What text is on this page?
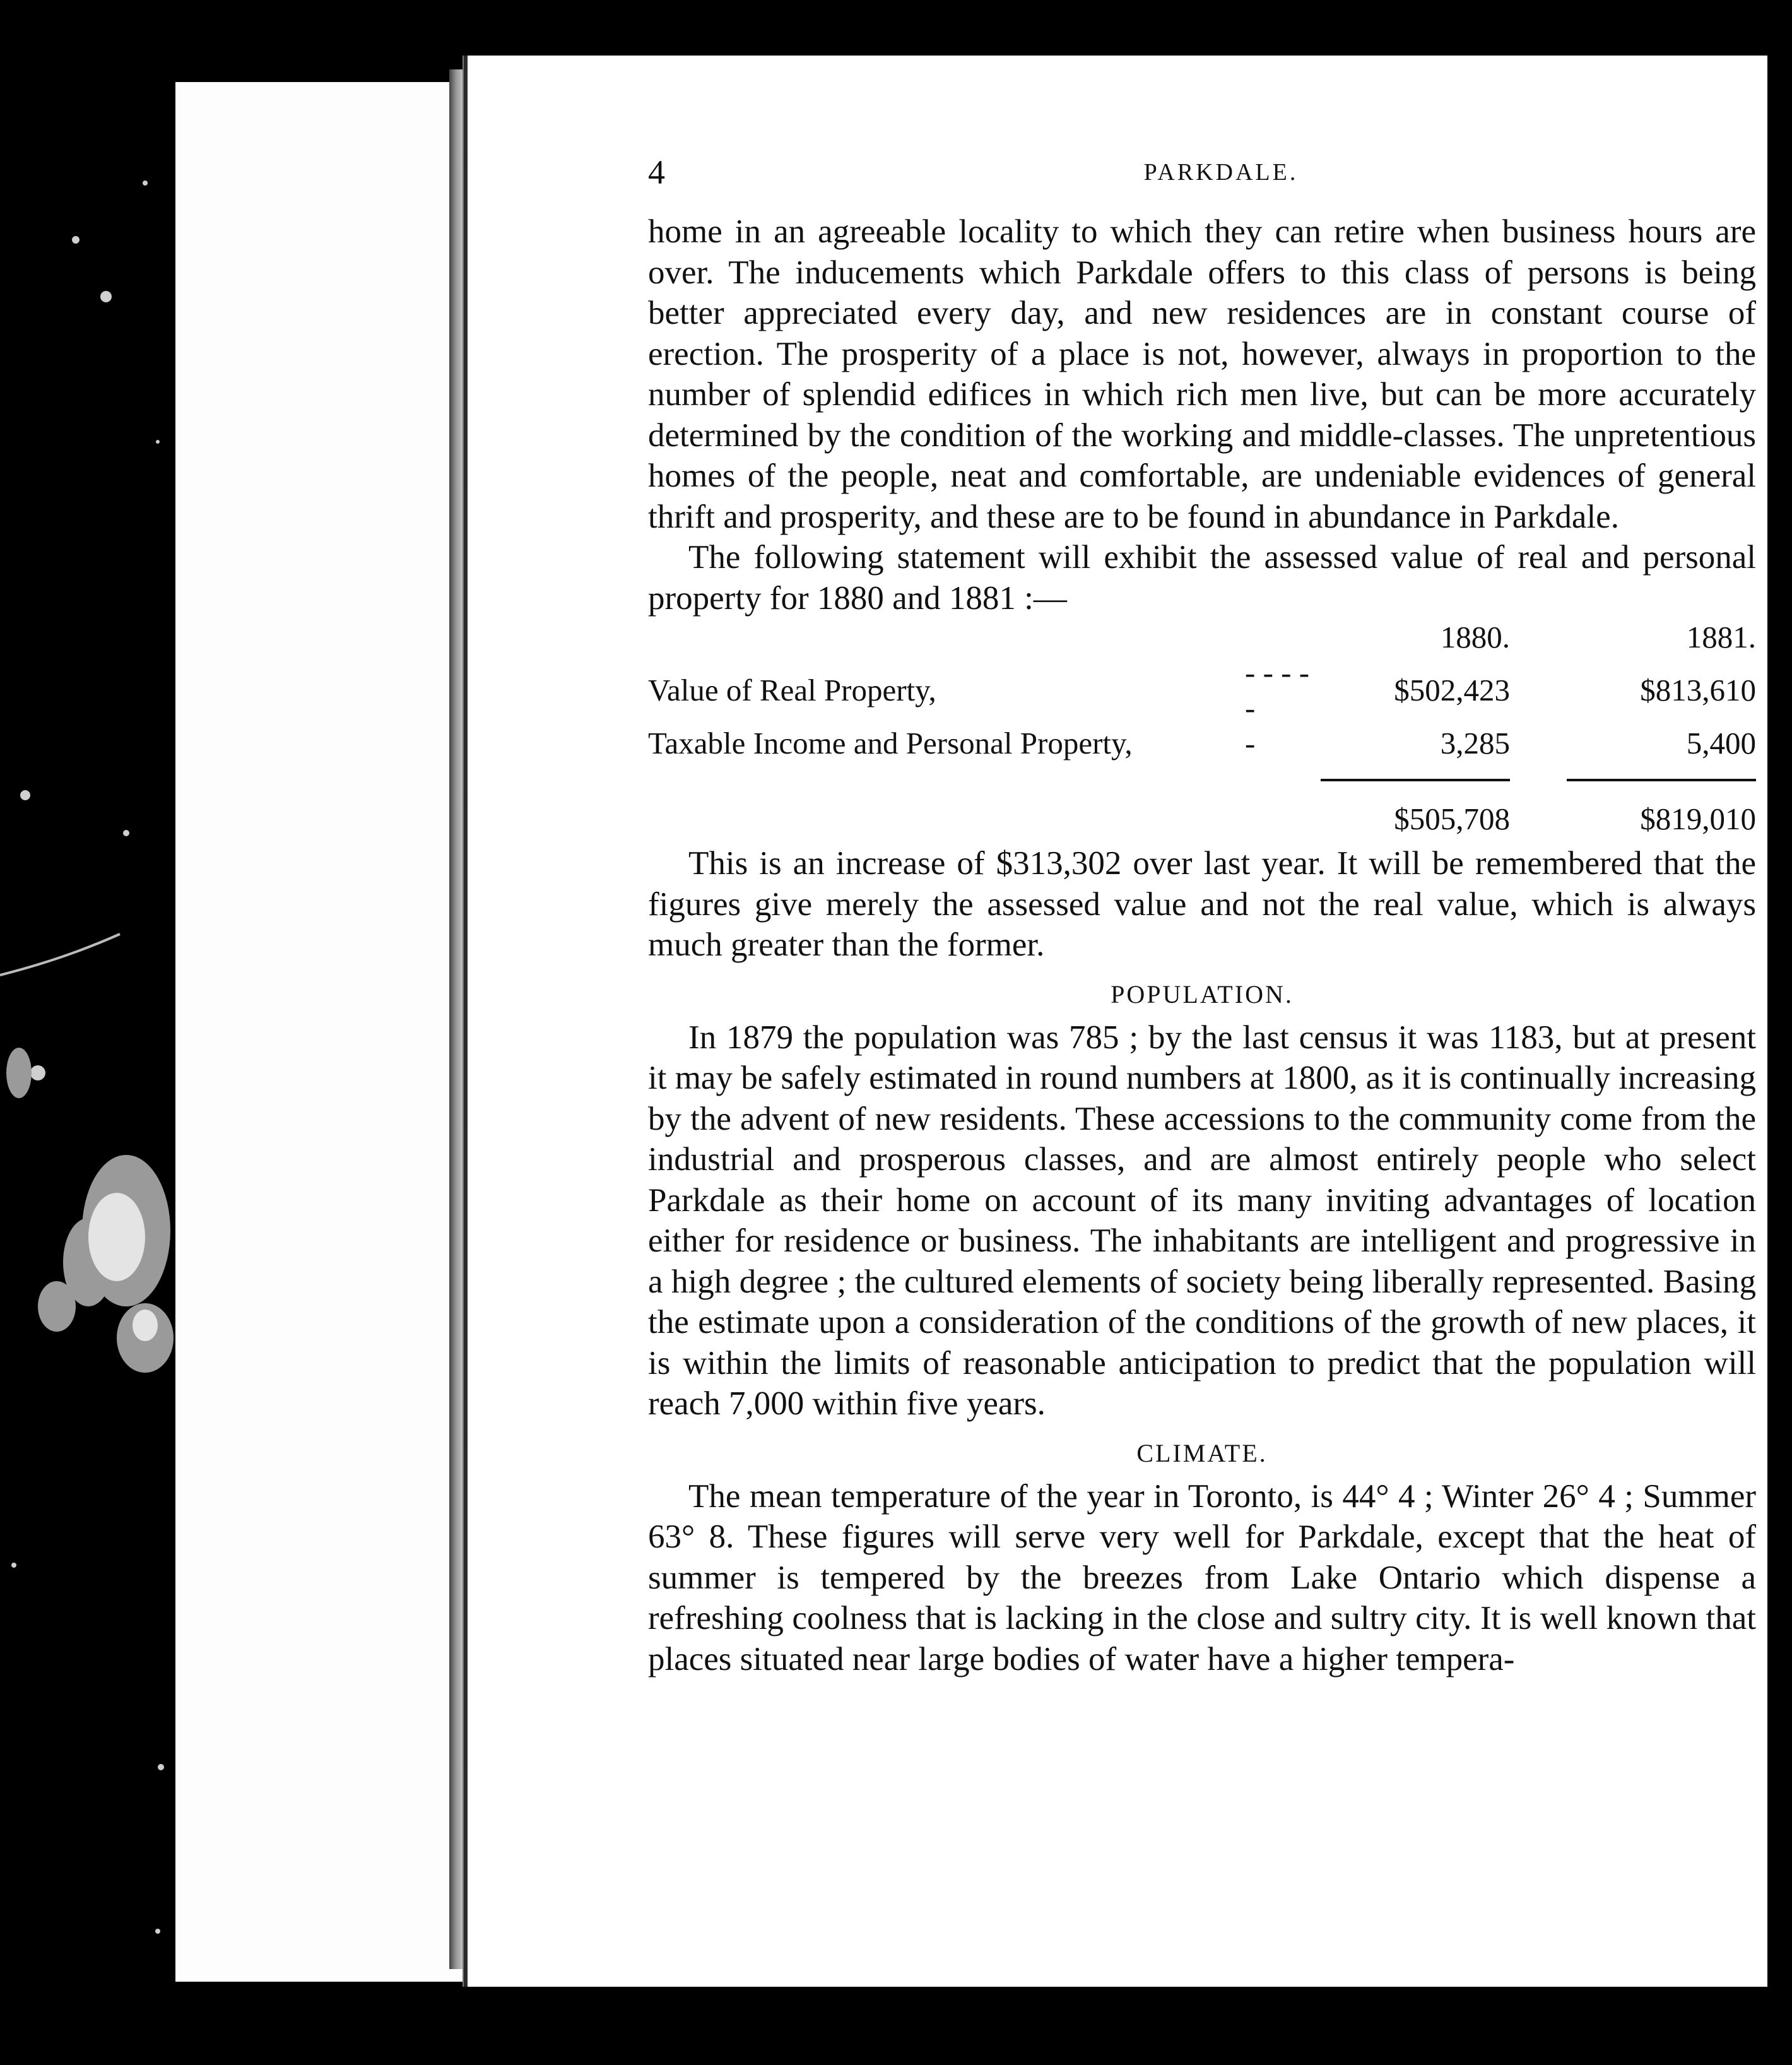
4	PARKDALE.

home in an agreeable locality to which they can retire when business hours are over. The inducements which Parkdale offers to this class of persons is being better appreciated every day, and new residences are in constant course of erection. The prosperity of a place is not, however, always in proportion to the number of splendid edifices in which rich men live, but can be more accurately determined by the condition of the working and middle-classes. The unpretentious homes of the people, neat and comfortable, are undeniable evidences of general thrift and prosperity, and these are to be found in abundance in Parkdale.

The following statement will exhibit the assessed value of real and personal property for 1880 and 1881 :—

		1880.		1881.
Value of Real Property,	- - - - -	$502,423		$813,610
Taxable Income and Personal Property,	-	3,285		5,400

		$505,708		$819,010

This is an increase of $313,302 over last year. It will be remembered that the figures give merely the assessed value and not the real value, which is always much greater than the former.

POPULATION.

In 1879 the population was 785 ; by the last census it was 1183, but at present it may be safely estimated in round numbers at 1800, as it is continually increasing by the advent of new residents. These accessions to the community come from the industrial and prosperous classes, and are almost entirely people who select Parkdale as their home on account of its many inviting advantages of location either for residence or business. The inhabitants are intelligent and progressive in a high degree ; the cultured elements of society being liberally represented. Basing the estimate upon a consideration of the conditions of the growth of new places, it is within the limits of reasonable anticipation to predict that the population will reach 7,000 within five years.

CLIMATE.

The mean temperature of the year in Toronto, is 44° 4 ; Winter 26° 4 ; Summer 63° 8. These figures will serve very well for Parkdale, except that the heat of summer is tempered by the breezes from Lake Ontario which dispense a refreshing coolness that is lacking in the close and sultry city. It is well known that places situated near large bodies of water have a higher tempera-
